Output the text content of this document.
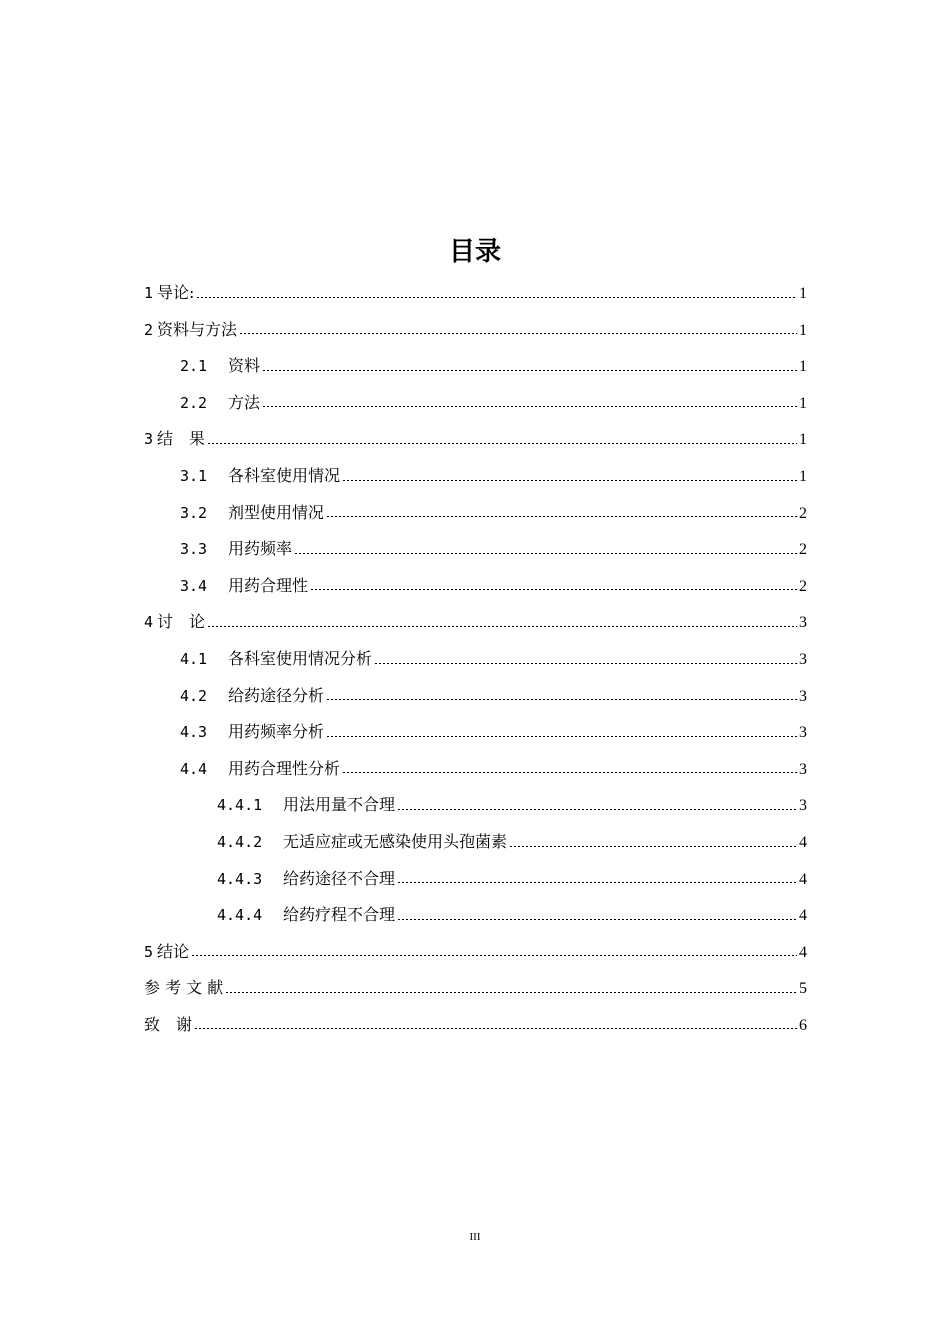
目录
1 导论:	1
2 资料与方法	1
2.1	资料	1
2.2	方法	1
3 结　果	1
3.1	各科室使用情况	1
3.2	剂型使用情况	2
3.3	用药频率	2
3.4	用药合理性	2
4 讨　论	3
4.1	各科室使用情况分析	3
4.2	给药途径分析	3
4.3	用药频率分析	3
4.4	用药合理性分析	3
4.4.1	用法用量不合理	3
4.4.2	无适应症或无感染使用头孢菌素	4
4.4.3	给药途径不合理	4
4.4.4	给药疗程不合理	4
5 结论	4
参 考 文 献	5
致　谢	6
III
